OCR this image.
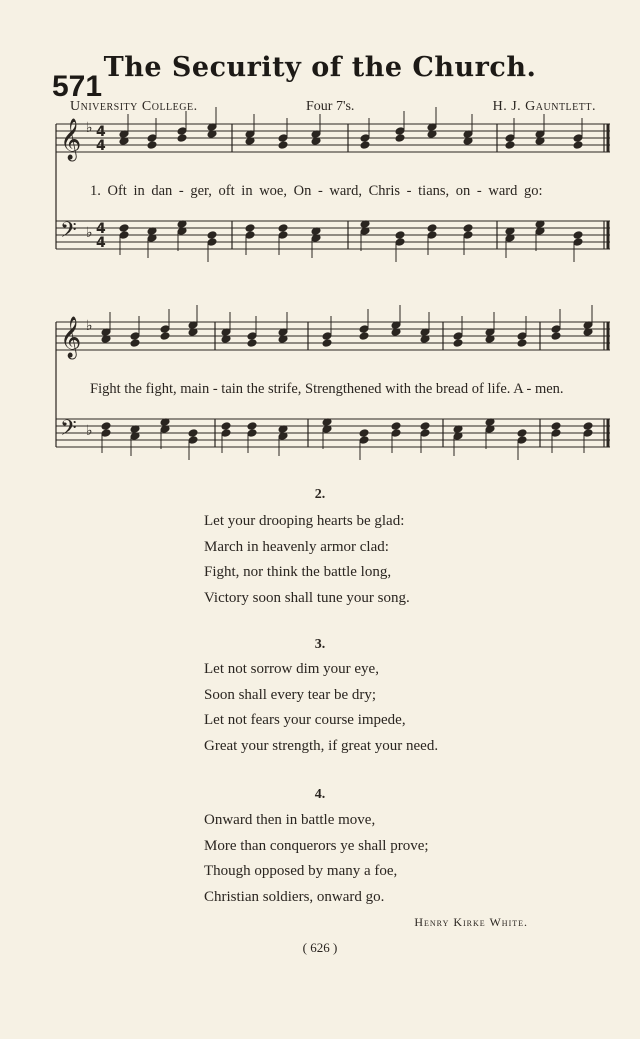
The Security of the Church.
571
University College.	Four 7's.	H. J. Gauntlett.
𝄞 ♭
𝄢 ♭
𝄞 ♭
𝄢 ♭
4
4
4
4
1. Oft in dan - ger, oft in woe, On - ward, Chris - tians, on - ward go:
Fight the fight, main - tain the strife, Strengthened with the bread of life. A - men.
2.
Let your drooping hearts be glad:
March in heavenly armor clad:
Fight, nor think the battle long,
Victory soon shall tune your song.
3.
Let not sorrow dim your eye,
Soon shall every tear be dry;
Let not fears your course impede,
Great your strength, if great your need.
4.
Onward then in battle move,
More than conquerors ye shall prove;
Though opposed by many a foe,
Christian soldiers, onward go.
Henry Kirke White.
( 626 )
